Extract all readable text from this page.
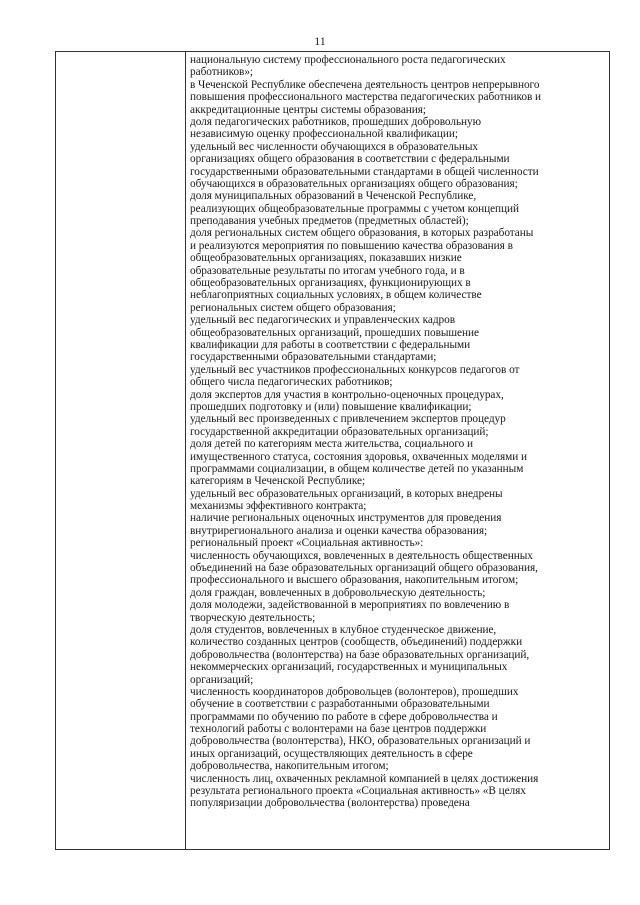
11
национальную систему профессионального роста педагогических
работников»;
в Чеченской Республике обеспечена деятельность центров непрерывного
повышения профессионального мастерства педагогических работников и
аккредитационные центры системы образования;
доля педагогических работников, прошедших добровольную
независимую оценку профессиональной квалификации;
удельный вес численности обучающихся в образовательных
организациях общего образования в соответствии с федеральными
государственными образовательными стандартами в общей численности
обучающихся в образовательных организациях общего образования;
доля муниципальных образований в Чеченской Республике,
реализующих общеобразовательные программы с учетом концепций
преподавания учебных предметов (предметных областей);
доля региональных систем общего образования, в которых разработаны
и реализуются мероприятия по повышению качества образования в
общеобразовательных организациях, показавших низкие
образовательные результаты по итогам учебного года, и в
общеобразовательных организациях, функционирующих в
неблагоприятных социальных условиях, в общем количестве
региональных систем общего образования;
удельный вес педагогических и управленческих кадров
общеобразовательных организаций, прошедших повышение
квалификации для работы в соответствии с федеральными
государственными образовательными стандартами;
удельный вес участников профессиональных конкурсов педагогов от
общего числа педагогических работников;
доля экспертов для участия в контрольно-оценочных процедурах,
прошедших подготовку и (или) повышение квалификации;
удельный вес произведенных с привлечением экспертов процедур
государственной аккредитации образовательных организаций;
доля детей по категориям места жительства, социального и
имущественного статуса, состояния здоровья, охваченных моделями и
программами социализации, в общем количестве детей по указанным
категориям в Чеченской Республике;
удельный вес образовательных организаций, в которых внедрены
механизмы эффективного контракта;
наличие региональных оценочных инструментов для проведения
внутрирегионального анализа и оценки качества образования;
региональный проект «Социальная активность»:
численность обучающихся, вовлеченных в деятельность общественных
объединений на базе образовательных организаций общего образования,
профессионального и высшего образования, накопительным итогом;
доля граждан, вовлеченных в добровольческую деятельность;
доля молодежи, задействованной в мероприятиях по вовлечению в
творческую деятельность;
доля студентов, вовлеченных в клубное студенческое движение,
количество созданных центров (сообществ, объединений) поддержки
добровольчества (волонтерства) на базе образовательных организаций,
некоммерческих организаций, государственных и муниципальных
организаций;
численность координаторов добровольцев (волонтеров), прошедших
обучение в соответствии с разработанными образовательными
программами по обучению по работе в сфере добровольчества и
технологий работы с волонтерами на базе центров поддержки
добровольчества (волонтерства), НКО, образовательных организаций и
иных организаций, осуществляющих деятельность в сфере
добровольчества, накопительным итогом;
численность лиц, охваченных рекламной компанией в целях достижения
результата регионального проекта «Социальная активность» «В целях
популяризации добровольчества (волонтерства) проведена
